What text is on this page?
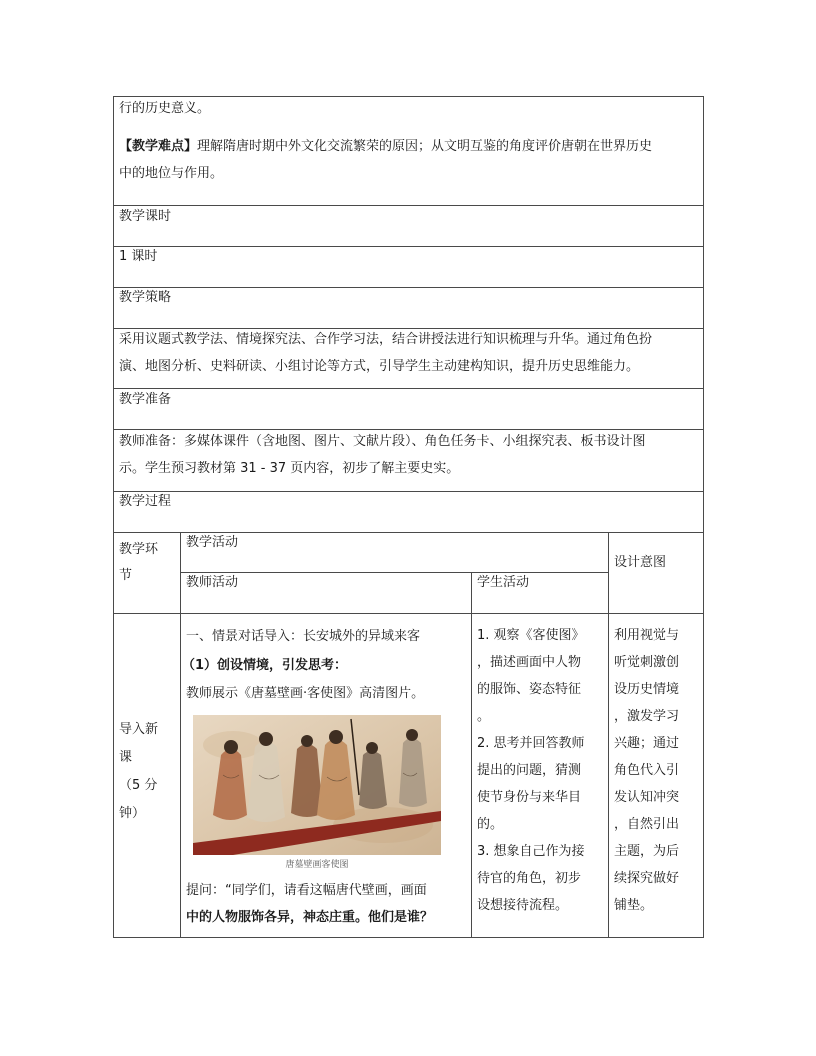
行的历史意义。
【教学难点】理解隋唐时期中外文化交流繁荣的原因；从文明互鉴的角度评价唐朝在世界历史
中的地位与作用。
教学课时
1 课时
教学策略
采用议题式教学法、情境探究法、合作学习法，结合讲授法进行知识梳理与升华。通过角色扮
演、地图分析、史料研读、小组讨论等方式，引导学生主动建构知识，提升历史思维能力。
教学准备
教师准备：多媒体课件（含地图、图片、文献片段）、角色任务卡、小组探究表、板书设计图
示。学生预习教材第 31 - 37 页内容，初步了解主要史实。
教学过程
教学环
节
教学活动
教师活动	学生活动
设计意图
导入新
课
（5 分
钟）
一、情景对话导入：长安城外的异域来客
（1）创设情境，引发思考：
教师展示《唐墓壁画·客使图》高清图片。
唐墓壁画客使图
提问：“同学们，请看这幅唐代壁画，画面
中的人物服饰各异，神态庄重。他们是谁？
1. 观察《客使图》
，描述画面中人物
的服饰、姿态特征
。
2. 思考并回答教师
提出的问题，猜测
使节身份与来华目
的。
3. 想象自己作为接
待官的角色，初步
设想接待流程。
利用视觉与
听觉刺激创
设历史情境
，激发学习
兴趣；通过
角色代入引
发认知冲突
，自然引出
主题，为后
续探究做好
铺垫。
